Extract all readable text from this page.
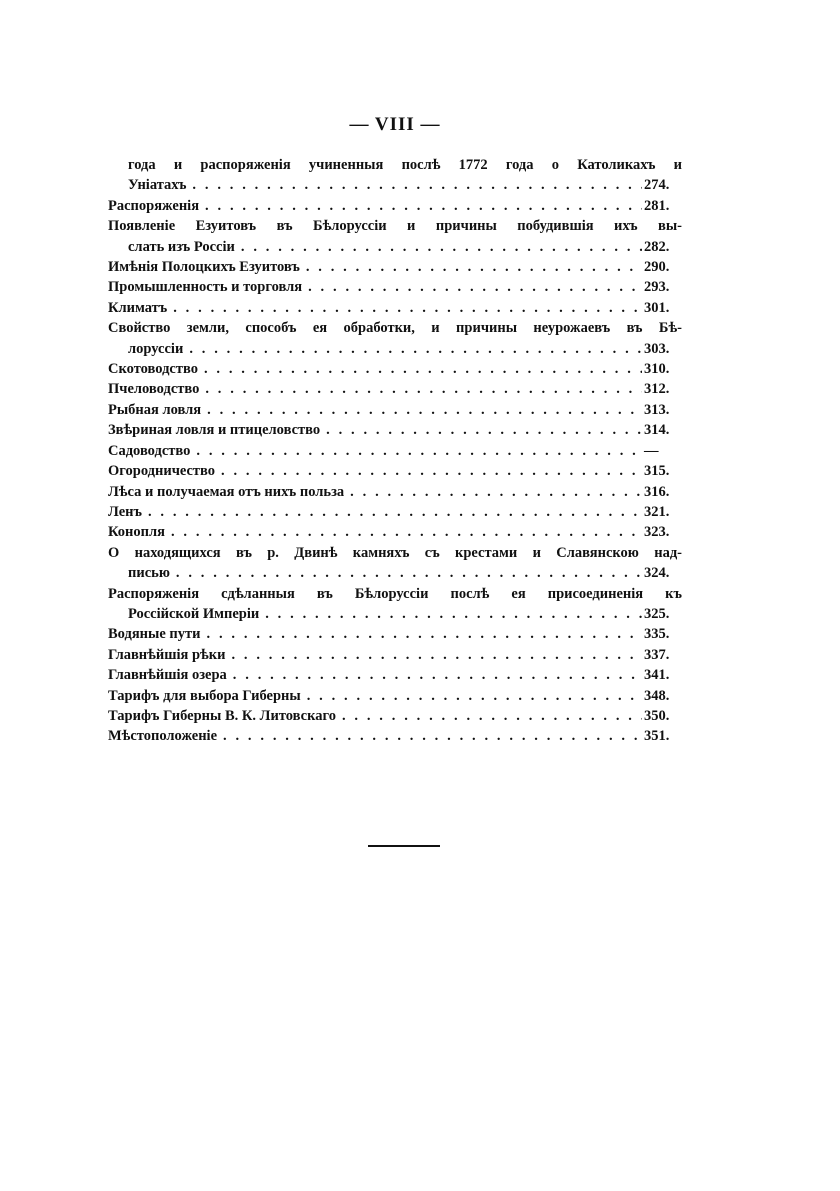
— VIII —
года и распоряженія учиненныя послѣ 1772 года о Католикахъ и
Уніатахъ . . .	274.
Распоряженія . . .	281.
Появленіе Езуитовъ въ Бѣлоруссіи и причины побудившія ихъ вы-
слать изъ Россіи . . .	282.
Имѣнія Полоцкихъ Езуитовъ . . .	290.
Промышленность и торговля . . .	293.
Климатъ . . .	301.
Свойство земли, способъ ея обработки, и причины неурожаевъ въ Бѣ-
лоруссіи . . .	303.
Скотоводство . . .	310.
Пчеловодство . . .	312.
Рыбная ловля . . .	313.
Звѣриная ловля и птицеловство . . .	314.
Садоводство . . .	—
Огородничество . . .	315.
Лѣса и получаемая отъ нихъ польза . . .	316.
Ленъ . . .	321.
Конопля . . .	323.
О находящихся въ р. Двинѣ камняхъ съ крестами и Славянскою над-
писью . . .	324.
Распоряженія сдѣланныя въ Бѣлоруссіи послѣ ея присоединенія къ
Россійской Имперіи . . .	325.
Водяные пути . . .	335.
Главнѣйшія рѣки . . .	337.
Главнѣйшія озера . . .	341.
Тарифъ для выбора Гиберны . . .	348.
Тарифъ Гиберны В. К. Литовскаго . . .	350.
Мѣстоположеніе . . .	351.
